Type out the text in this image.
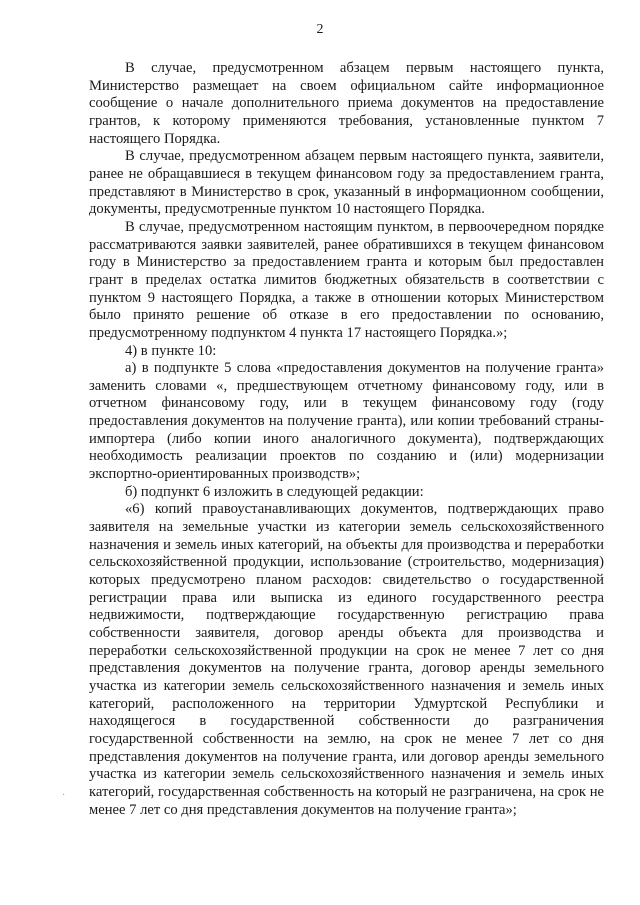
2

В случае, предусмотренном абзацем первым настоящего пункта, Министерство размещает на своем официальном сайте информационное сообщение о начале дополнительного приема документов на предоставление грантов, к которому применяются требования, установленные пунктом 7 настоящего Порядка.

В случае, предусмотренном абзацем первым настоящего пункта, заявители, ранее не обращавшиеся в текущем финансовом году за предоставлением гранта, представляют в Министерство в срок, указанный в информационном сообщении, документы, предусмотренные пунктом 10 настоящего Порядка.

В случае, предусмотренном настоящим пунктом, в первоочередном порядке рассматриваются заявки заявителей, ранее обратившихся в текущем финансовом году в Министерство за предоставлением гранта и которым был предоставлен грант в пределах остатка лимитов бюджетных обязательств в соответствии с пунктом 9 настоящего Порядка, а также в отношении которых Министерством было принято решение об отказе в его предоставлении по основанию, предусмотренному подпунктом 4 пункта 17 настоящего Порядка.»;

4) в пункте 10:

а) в подпункте 5 слова «предоставления документов на получение гранта» заменить словами «, предшествующем отчетному финансовому году, или в отчетном финансовому году, или в текущем финансовому году (году предоставления документов на получение гранта), или копии требований страны-импортера (либо копии иного аналогичного документа), подтверждающих необходимость реализации проектов по созданию и (или) модернизации экспортно-ориентированных производств»;

б) подпункт 6 изложить в следующей редакции:

«6) копий правоустанавливающих документов, подтверждающих право заявителя на земельные участки из категории земель сельскохозяйственного назначения и земель иных категорий, на объекты для производства и переработки сельскохозяйственной продукции, использование (строительство, модернизация) которых предусмотрено планом расходов: свидетельство о государственной регистрации права или выписка из единого государственного реестра недвижимости, подтверждающие государственную регистрацию права собственности заявителя, договор аренды объекта для производства и переработки сельскохозяйственной продукции на срок не менее 7 лет со дня представления документов на получение гранта, договор аренды земельного участка из категории земель сельскохозяйственного назначения и земель иных категорий, расположенного на территории Удмуртской Республики и находящегося в государственной собственности до разграничения государственной собственности на землю, на срок не менее 7 лет со дня представления документов на получение гранта, или договор аренды земельного участка из категории земель сельскохозяйственного назначения и земель иных категорий, государственная собственность на который не разграничена, на срок не менее 7 лет со дня представления документов на получение гранта»;

·
